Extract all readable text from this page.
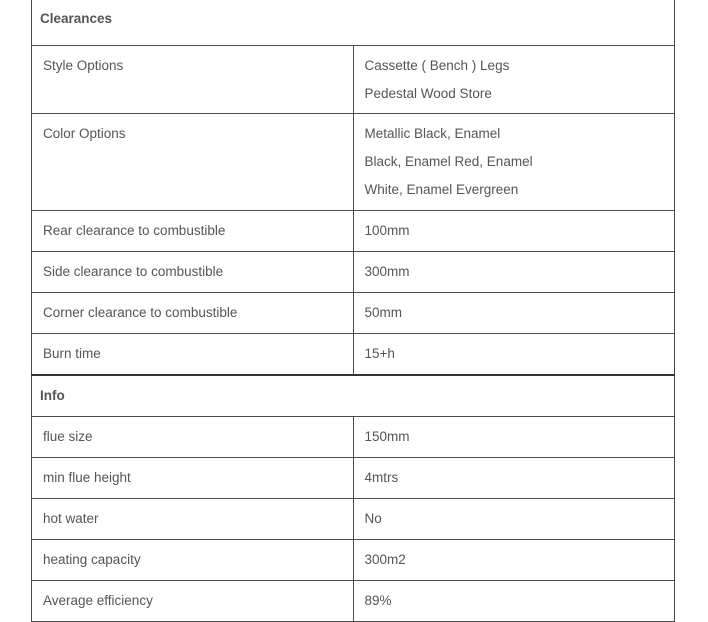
Clearances	
Style Options	Cassette ( Bench ) Legs
Pedestal Wood Store

Color Options	Metallic Black, Enamel
Black, Enamel Red, Enamel
White, Enamel Evergreen

Rear clearance to combustible	100mm

Side clearance to combustible	300mm

Corner clearance to combustible	50mm

Burn time	15+h

Info	
flue size	150mm

min flue height	4mtrs

hot water	No

heating capacity	300m2

Average efficiency	89%
